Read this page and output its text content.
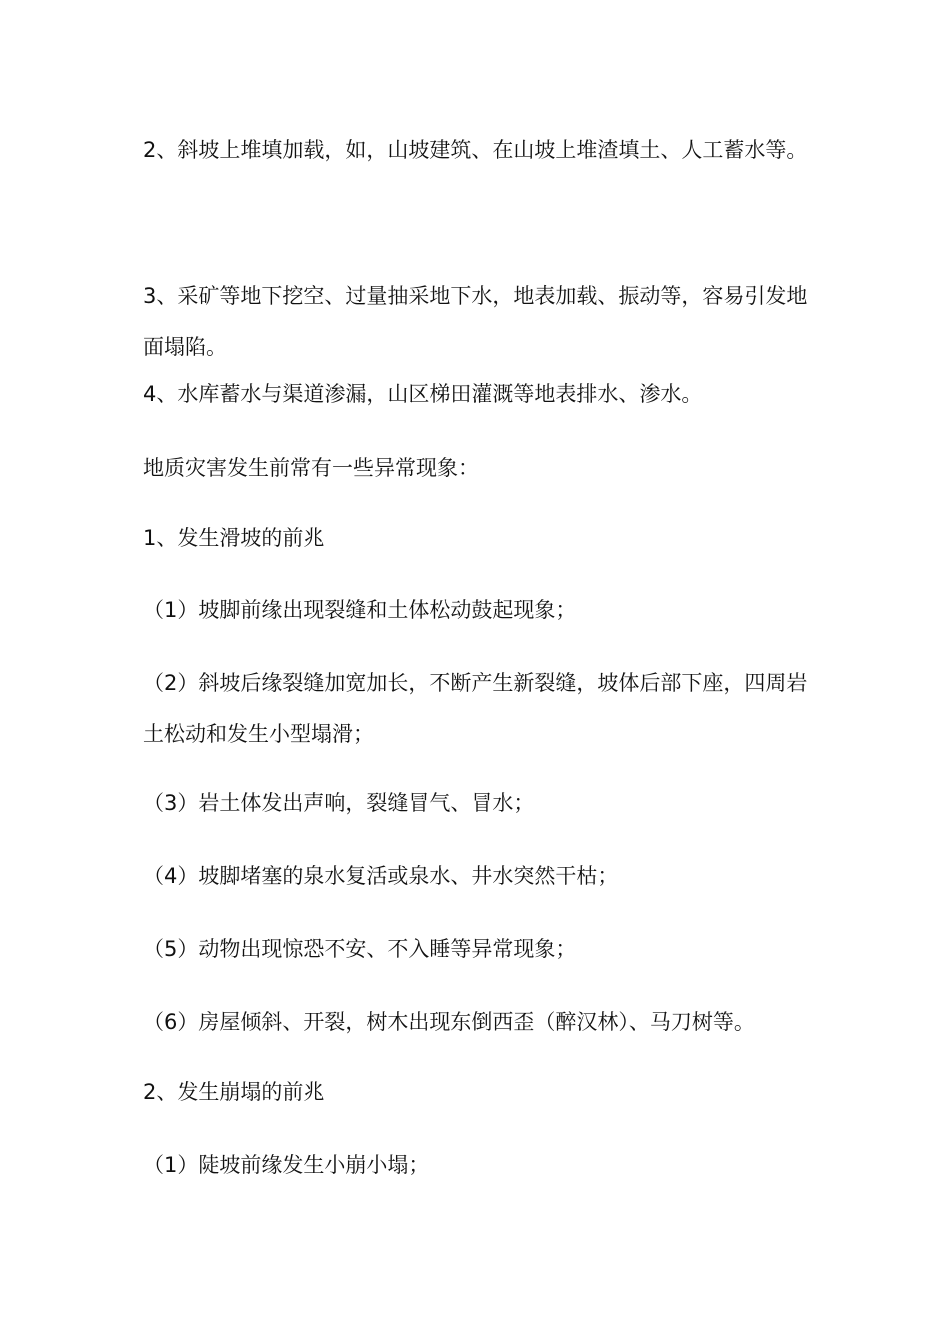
2、斜坡上堆填加载，如，山坡建筑、在山坡上堆渣填土、人工蓄水等。

3、采矿等地下挖空、过量抽采地下水，地表加载、振动等，容易引发地面塌陷。

4、水库蓄水与渠道渗漏，山区梯田灌溉等地表排水、渗水。

地质灾害发生前常有一些异常现象：

1、发生滑坡的前兆

（1）坡脚前缘出现裂缝和土体松动鼓起现象；

（2）斜坡后缘裂缝加宽加长，不断产生新裂缝，坡体后部下座，四周岩土松动和发生小型塌滑；

（3）岩土体发出声响，裂缝冒气、冒水；

（4）坡脚堵塞的泉水复活或泉水、井水突然干枯；

（5）动物出现惊恐不安、不入睡等异常现象；

（6）房屋倾斜、开裂，树木出现东倒西歪（醉汉林）、马刀树等。

2、发生崩塌的前兆

（1）陡坡前缘发生小崩小塌；
